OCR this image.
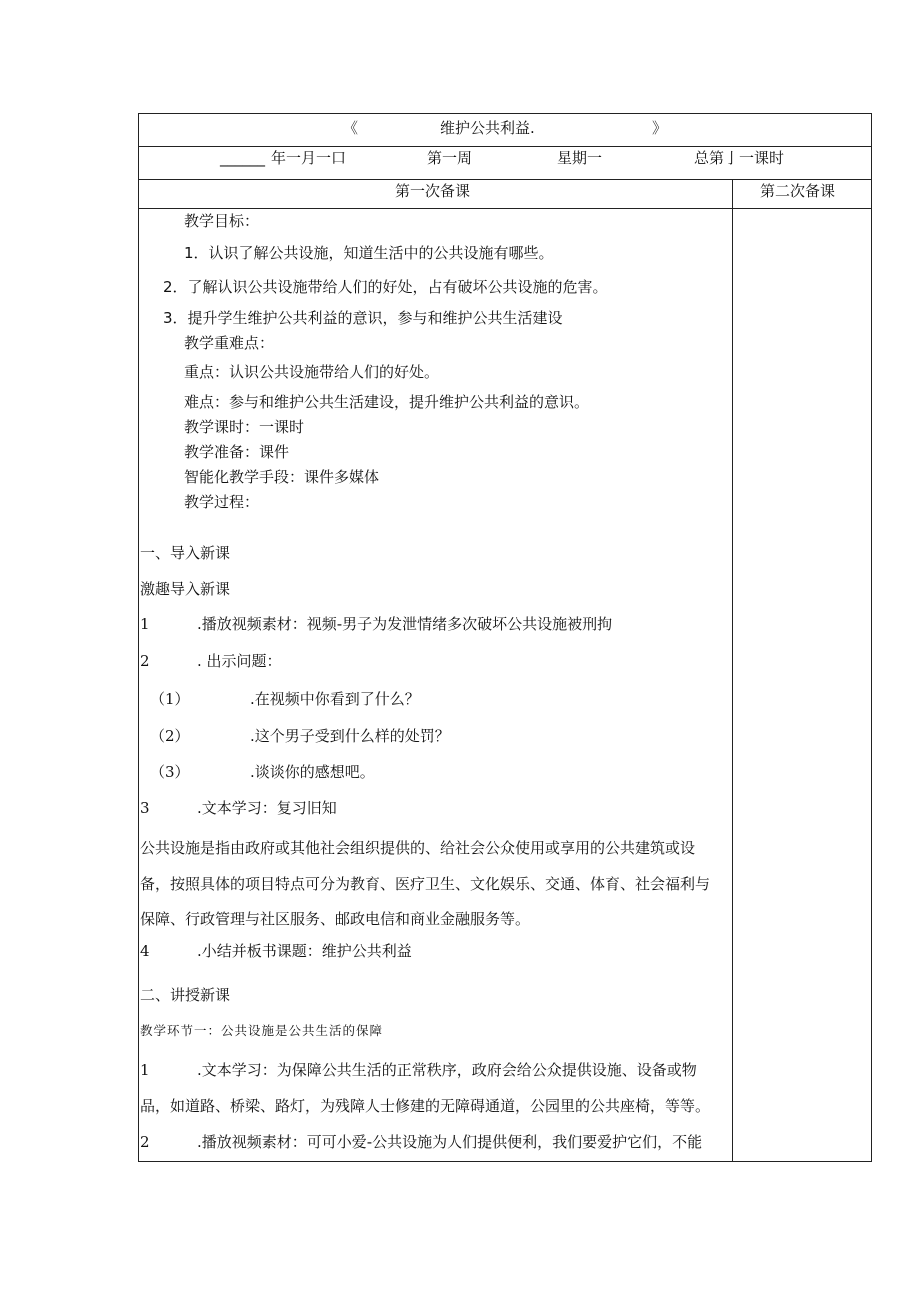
《	维护公共利益.	》
______ 年一月一口	第一周	星期一	总第亅一课时
第一次备课	第二次备课
教学目标：
1．认识了解公共设施，知道生活中的公共设施有哪些。
2．了解认识公共设施带给人们的好处，占有破坏公共设施的危害。
3．提升学生维护公共利益的意识，参与和维护公共生活建设
教学重难点：
重点：认识公共设施带给人们的好处。
难点：参与和维护公共生活建设，提升维护公共利益的意识。
教学课时：一课时
教学准备：课件
智能化教学手段：课件多媒体
教学过程：
一、导入新课
激趣导入新课
1	.播放视频素材：视频-男子为发泄情绪多次破坏公共设施被刑拘
2	. 出示问题：
（1）	.在视频中你看到了什么？
（2）	.这个男子受到什么样的处罚？
（3）	.谈谈你的感想吧。
3	.文本学习：复习旧知
公共设施是指由政府或其他社会组织提供的、给社会公众使用或享用的公共建筑或设
备，按照具体的项目特点可分为教育、医疗卫生、文化娱乐、交通、体育、社会福利与
保障、行政管理与社区服务、邮政电信和商业金融服务等。
4	.小结并板书课题：维护公共利益
二、讲授新课
教学环节一：公共设施是公共生活的保障
1	.文本学习：为保障公共生活的正常秩序，政府会给公众提供设施、设备或物
品，如道路、桥梁、路灯，为残障人士修建的无障碍通道，公园里的公共座椅，等等。
2	.播放视频素材：可可小爱-公共设施为人们提供便利，我们要爱护它们，不能
